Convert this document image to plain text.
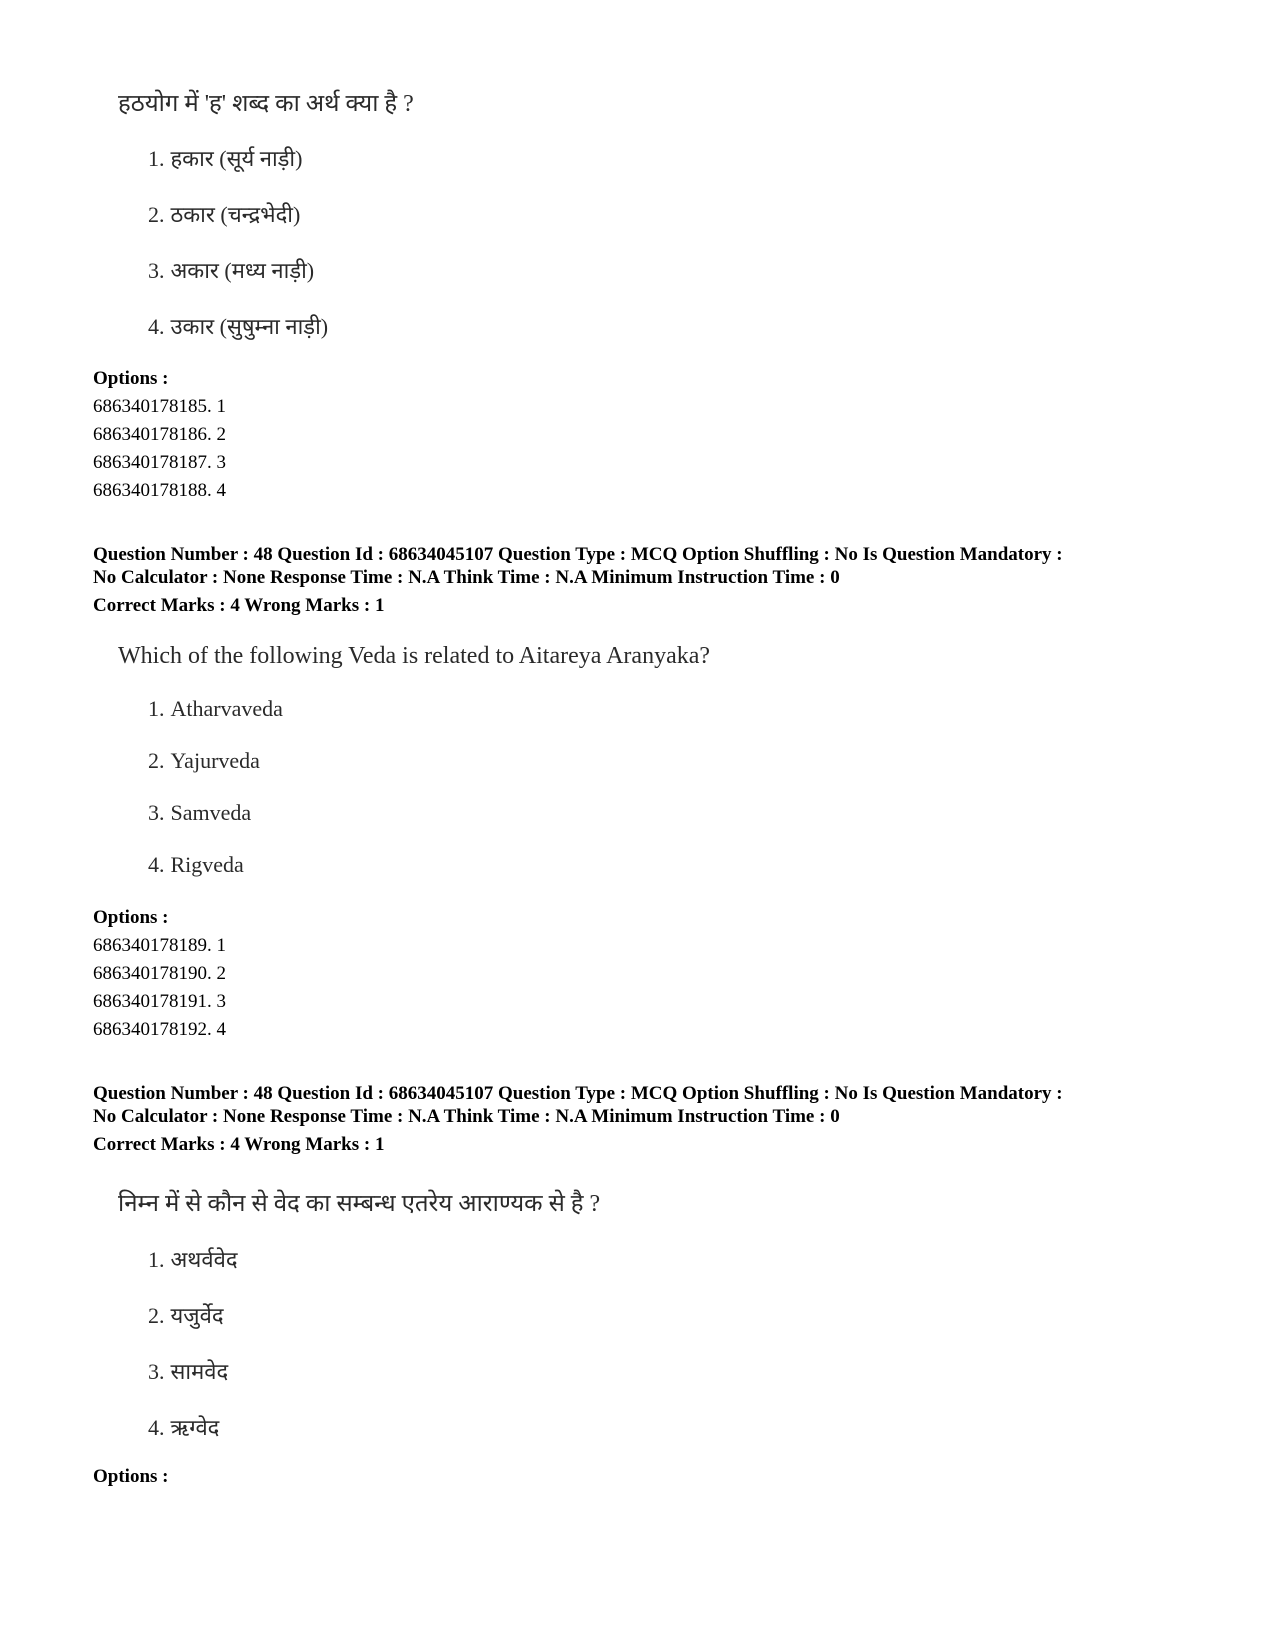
हठयोग में 'ह' शब्द का अर्थ क्या है ?
1. हकार (सूर्य नाड़ी)
2. ठकार (चन्द्रभेदी)
3. अकार (मध्य नाड़ी)
4. उकार (सुषुम्ना नाड़ी)
Options :
686340178185. 1
686340178186. 2
686340178187. 3
686340178188. 4
Question Number : 48 Question Id : 68634045107 Question Type : MCQ Option Shuffling : No Is Question Mandatory :
No Calculator : None Response Time : N.A Think Time : N.A Minimum Instruction Time : 0
Correct Marks : 4 Wrong Marks : 1
Which of the following Veda is related to Aitareya Aranyaka?
1. Atharvaveda
2. Yajurveda
3. Samveda
4. Rigveda
Options :
686340178189. 1
686340178190. 2
686340178191. 3
686340178192. 4
Question Number : 48 Question Id : 68634045107 Question Type : MCQ Option Shuffling : No Is Question Mandatory :
No Calculator : None Response Time : N.A Think Time : N.A Minimum Instruction Time : 0
Correct Marks : 4 Wrong Marks : 1
निम्न में से कौन से वेद का सम्बन्ध एतरेय आराण्यक से है ?
1. अथर्ववेद
2. यजुर्वेद
3. सामवेद
4. ऋग्वेद
Options :
